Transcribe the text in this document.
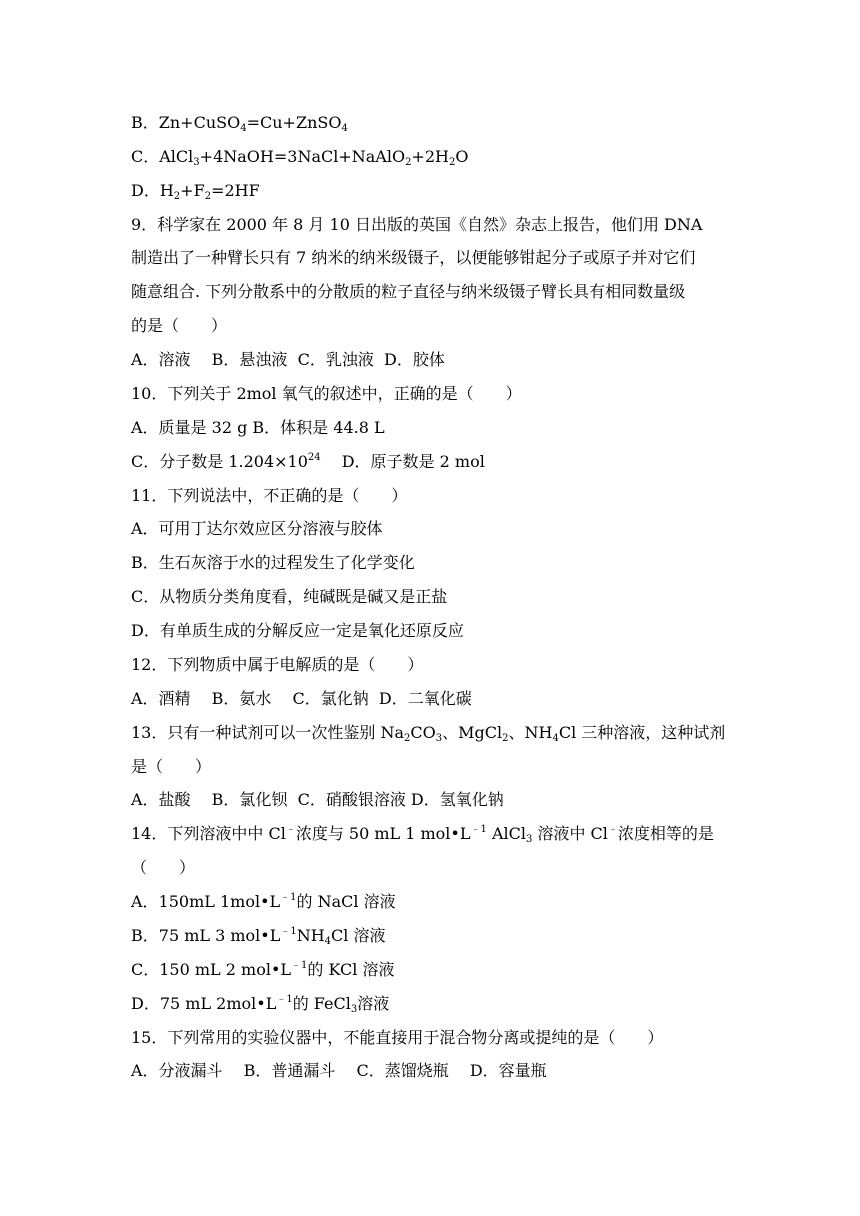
B．Zn+CuSO$_4$=Cu+ZnSO$_4$
C．$AlCl_3+4NaOH=3NaCl+NaAlO_2+2H_2O$
D．$H_2+F_2=2HF$
9．科学家在 2000 年 8 月 10 日出版的英国《自然》杂志上报告，他们用 DNA
制造出了一种臂长只有 7 纳米的纳米级镊子，以便能够钳起分子或原子并对它们
随意组合. 下列分散系中的分散质的粒子直径与纳米级镊子臂长具有相同数量级
的是（　　）
A．溶液　 B．悬浊液  C．乳浊液  D．胶体
10．下列关于 2mol 氧气的叙述中，正确的是（　　）
A．质量是 32 g B．体积是 44.8 L
C．分子数是 $1.204\times 10^{24}$　 D．原子数是 2 mol
11．下列说法中，不正确的是（　　）
A．可用丁达尔效应区分溶液与胶体
B．生石灰溶于水的过程发生了化学变化
C．从物质分类角度看，纯碱既是碱又是正盐
D．有单质生成的分解反应一定是氧化还原反应
12．下列物质中属于电解质的是（　　）
A．酒精　 B．氨水　 C．氯化钠  D．二氧化碳
13．只有一种试剂可以一次性鉴别 $Na_2CO_3$、MgCl$_2$、$NH_4Cl$ 三种溶液，这种试剂
是（　　）
A．盐酸　 B．氯化钡  C．硝酸银溶液 D．氢氧化钠
14．下列溶液中中 Cl﹣浓度与 50 mL 1 $mol•L^{﹣1}$ AlCl$_3$ 溶液中 Cl﹣浓度相等的是
（　　）
A．150mL $1mol•L^{﹣1}$的 NaCl 溶液
B．75 mL 3 $mol•L^{﹣1}NH_4Cl$ 溶液
C．150 mL 2 $mol•L^{﹣1}$的 KCl 溶液
D．75 mL $2mol•L^{﹣1}$的 FeCl$_3$溶液
15．下列常用的实验仪器中，不能直接用于混合物分离或提纯的是（　　）
A．分液漏斗　 B．普通漏斗　 C．蒸馏烧瓶　 D．容量瓶
